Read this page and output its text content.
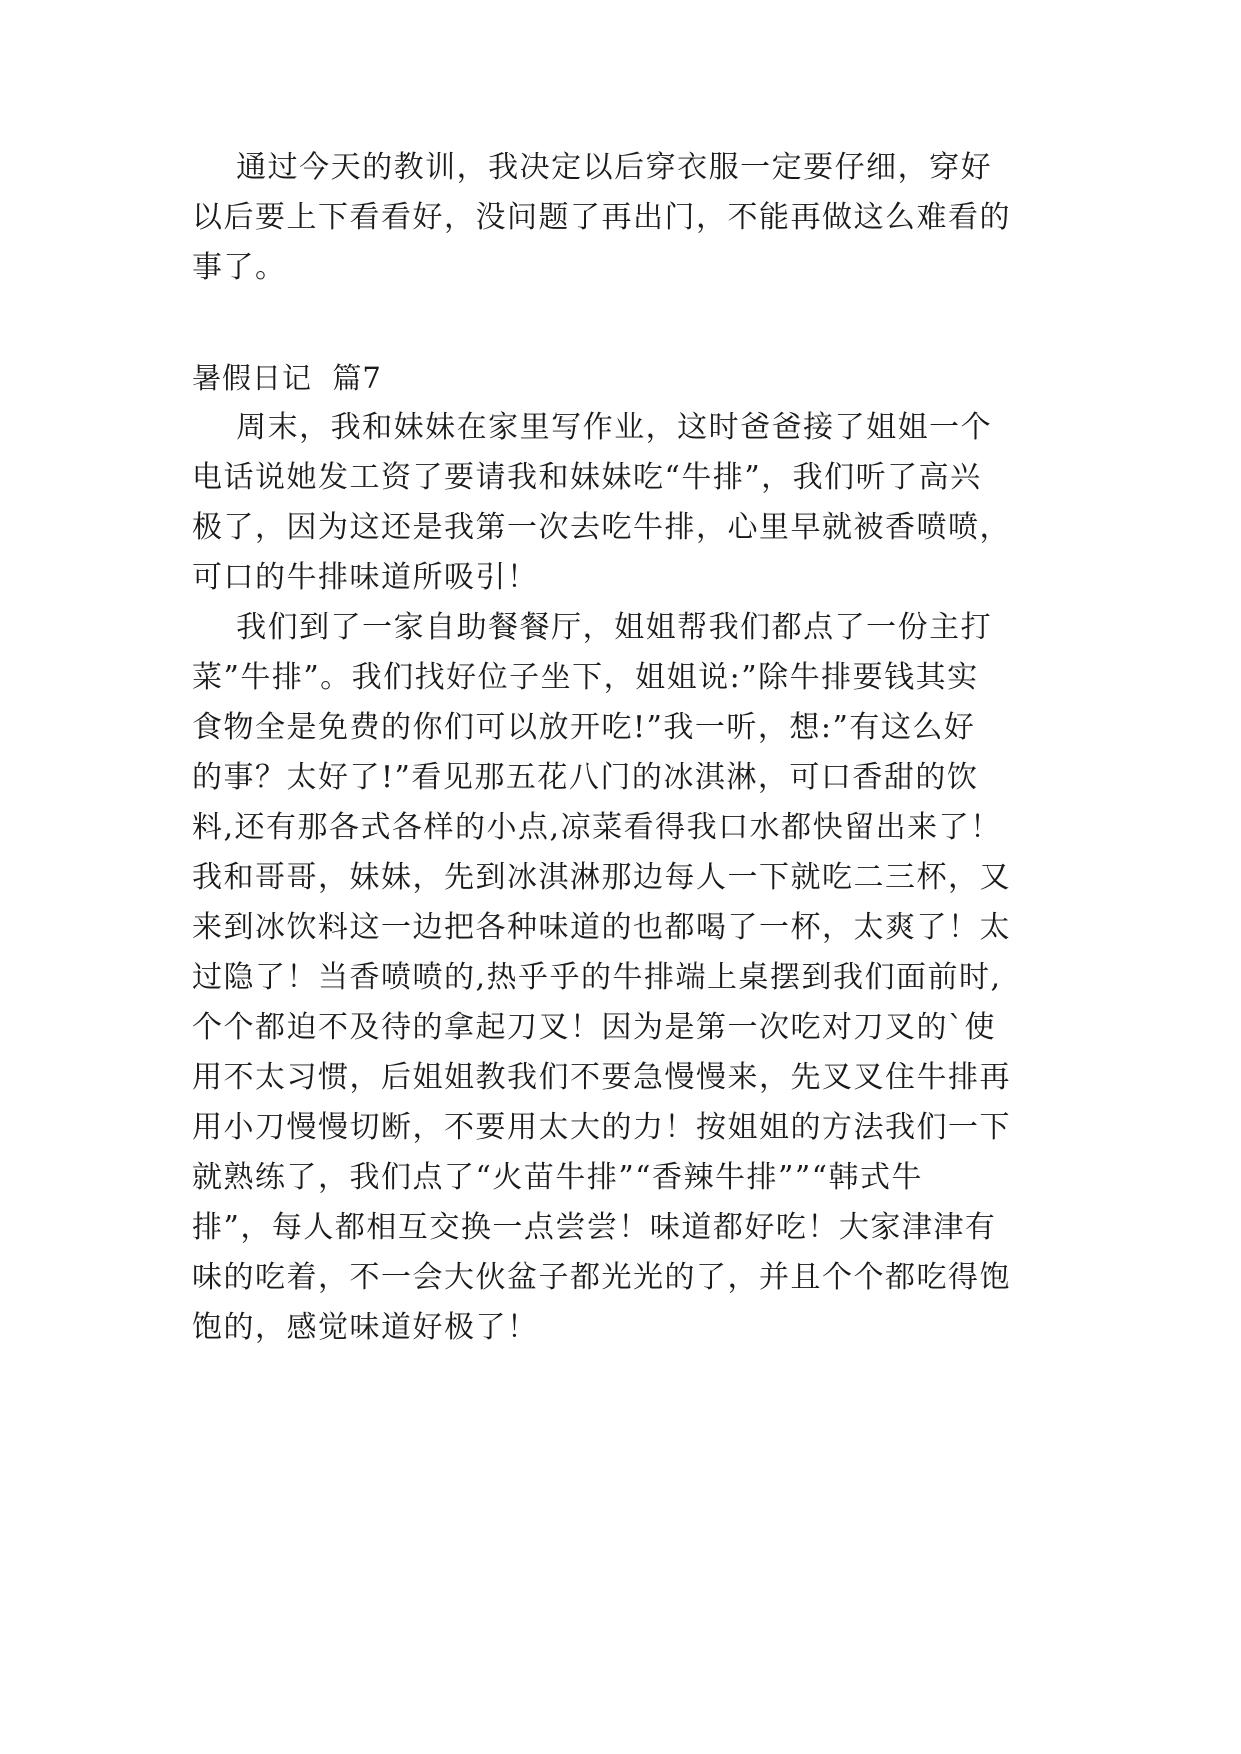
通过今天的教训，我决定以后穿衣服一定要仔细，穿好
以后要上下看看好，没问题了再出门，不能再做这么难看的
事了。
暑假日记  篇7
周末，我和妹妹在家里写作业，这时爸爸接了姐姐一个
电话说她发工资了要请我和妹妹吃“牛排”，我们听了高兴
极了，因为这还是我第一次去吃牛排，心里早就被香喷喷，
可口的牛排味道所吸引！
我们到了一家自助餐餐厅，姐姐帮我们都点了一份主打
菜”牛排”。我们找好位子坐下，姐姐说:”除牛排要钱其实
食物全是免费的你们可以放开吃!”我一听，想:”有这么好
的事？太好了!”看见那五花八门的冰淇淋，可口香甜的饮
料,还有那各式各样的小点,凉菜看得我口水都快留出来了！
我和哥哥，妹妹，先到冰淇淋那边每人一下就吃二三杯，又
来到冰饮料这一边把各种味道的也都喝了一杯，太爽了！太
过隐了！当香喷喷的,热乎乎的牛排端上桌摆到我们面前时,
个个都迫不及待的拿起刀叉！因为是第一次吃对刀叉的`使
用不太习惯，后姐姐教我们不要急慢慢来，先叉叉住牛排再
用小刀慢慢切断，不要用太大的力！按姐姐的方法我们一下
就熟练了，我们点了“火苗牛排”“香辣牛排””“韩式牛
排”，每人都相互交换一点尝尝！味道都好吃！大家津津有
味的吃着，不一会大伙盆子都光光的了，并且个个都吃得饱
饱的，感觉味道好极了！
